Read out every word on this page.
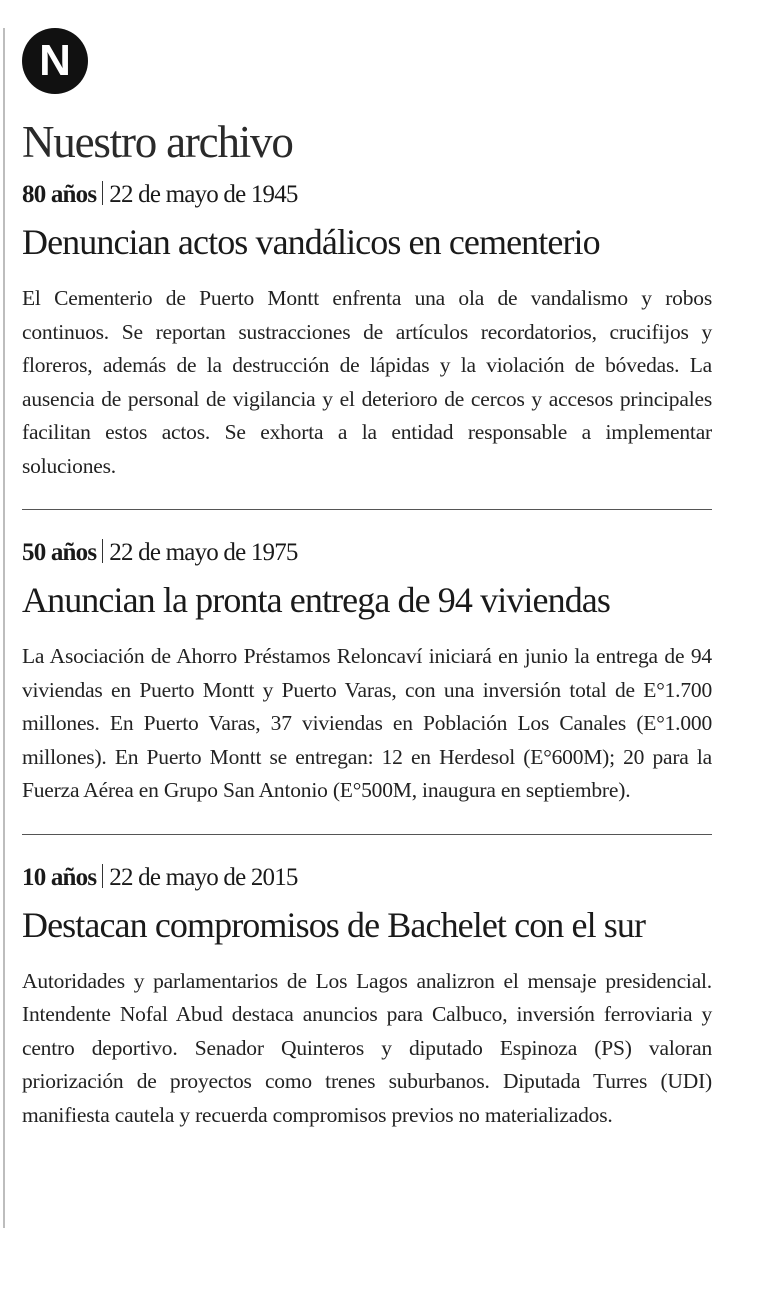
N
Nuestro archivo
80 años 22 de mayo de 1945
Denuncian actos vandálicos en cementerio

El Cementerio de Puerto Montt enfrenta una ola de vandalismo y robos continuos. Se reportan sustracciones de artículos recordatorios, crucifijos y floreros, además de la destrucción de lápidas y la violación de bóvedas. La ausencia de personal de vigilancia y el deterioro de cercos y accesos principales facilitan estos actos. Se exhorta a la entidad responsable a implementar soluciones.

50 años 22 de mayo de 1975
Anuncian la pronta entrega de 94 viviendas

La Asociación de Ahorro Préstamos Reloncaví iniciará en junio la entrega de 94 viviendas en Puerto Montt y Puerto Varas, con una inversión total de E°1.700 millones. En Puerto Varas, 37 viviendas en Población Los Canales (E°1.000 millones). En Puerto Montt se entregan: 12 en Herdesol (E°600M); 20 para la Fuerza Aérea en Grupo San Antonio (E°500M, inaugura en septiembre).

10 años 22 de mayo de 2015
Destacan compromisos de Bachelet con el sur

Autoridades y parlamentarios de Los Lagos analizron el mensaje presidencial. Intendente Nofal Abud destaca anuncios para Calbuco, inversión ferroviaria y centro deportivo. Senador Quinteros y diputado Espinoza (PS) valoran priorización de proyectos como trenes suburbanos. Diputada Turres (UDI) manifiesta cautela y recuerda compromisos previos no materializados.
